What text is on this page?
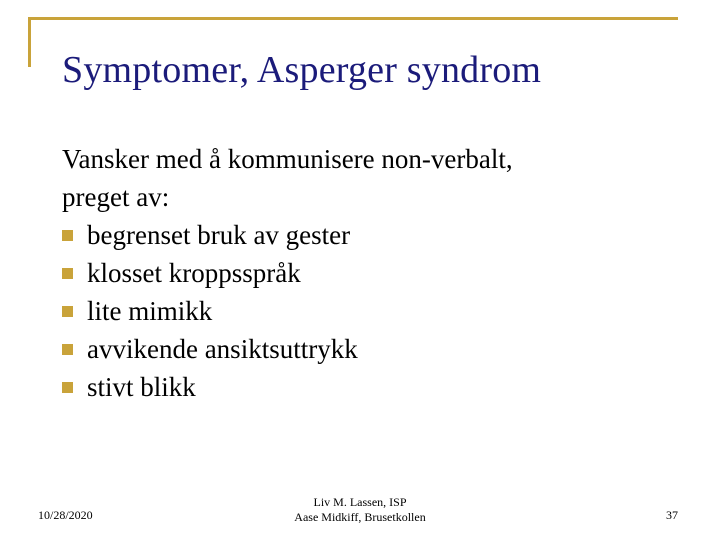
Symptomer, Asperger syndrom
Vansker med å kommunisere non-verbalt,
preget av:
begrenset bruk av gester
klosset kroppsspråk
lite mimikk
avvikende ansiktsuttrykk
stivt blikk
10/28/2020
Liv M. Lassen, ISP
Aase Midkiff, Brusetkollen	37
